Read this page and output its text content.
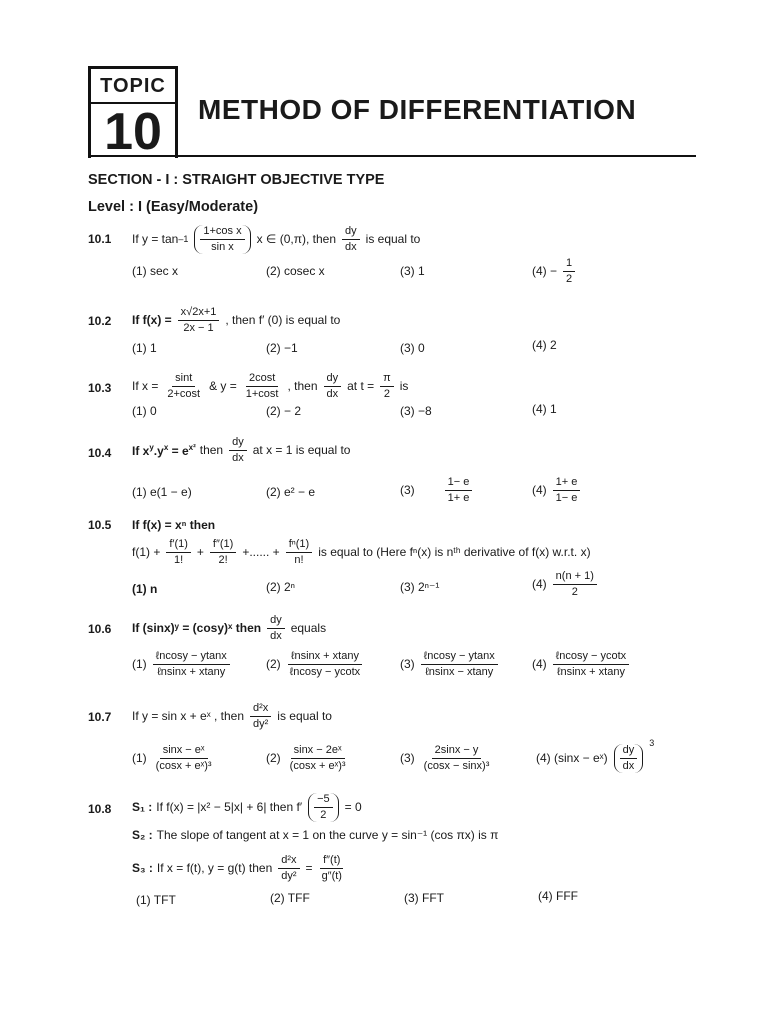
TOPIC
10	METHOD OF DIFFERENTIATION
SECTION - I : STRAIGHT OBJECTIVE TYPE
Level : I (Easy/Moderate)
10.1 If $y = \tan -1 \frac{\text{1+cos x}}{\text{sin x}}$ x ∈ (0,π), then $\frac{dy}{dx}$ is equal to
(1) sec x	(2) cosec x	(3) 1	$(4) - \frac{1}{2}$
10.2 If $f(x) = \frac{x√2x+1}{2x - 1}$ , then f′ (0) is equal to
(1) 1	(2) −1	(3) 0	(4) 2
10.3 If $x = \frac{\sin t}{2+\cos t}$ & $y = \frac{2\cos t}{1+\cos t}$ , then $\frac{dy}{dx}$ at $t = \frac{\pi}{2}$ is
(1) 0	(2) − 2	(3) −8	(4) 1
10.4 If $x^y.y^x = e^{x^2}$ then $\frac{dy}{dx}$ at x = 1 is equal to
(1) e(1 − e)	(2) e² − e	(3)	$\frac{1- e}{1+ e}$	$(4) \frac{1+ e}{1- e}$
10.5 If f(x) = xⁿ then
$f(1) + \frac{f'(1)}{1!} + \frac{f''(1)}{2!}$ +...... + $\frac{\text{fⁿ(1)}}{n!}$ is equal to (Here fⁿ(x) is nᵗʰ derivative of f(x) w.r.t. x)
(1) n	(2) 2ⁿ	(3) 2ⁿ⁻¹	$(4) \frac{n(n + 1)}{2}$
10.6 If (sinx)ʸ = (cosy)ˣ then $\frac{dy}{dx}$ equals
$(1) \frac{\text{ℓncosy − ytanx}}{\text{ℓnsinx + xtany}}$	$(2) \frac{\text{ℓnsinx + xtany}}{\text{ℓncosy − ycotx}}$	$(3) \frac{\text{ℓncosy − ytanx}}{\text{ℓnsinx − xtany}}$	$(4) \frac{\text{ℓncosy − ycotx}}{\text{ℓnsinx + xtany}}$
10.7 If y = sin x + eˣ , then $\frac{\text{d²x}}{\text{dy²}}$ is equal to
$(1) \frac{\text{sinx − eˣ}}{\text{(cosx + eˣ)³}}$	$(2) \frac{\text{sinx − 2eˣ}}{\text{(cosx + eˣ)³}}$	$(3) \frac{2\sin x - y}{\text{(cosx − sinx)³}}$	(4) (sinx − eˣ) $\frac{dy}{dx}$
$^3$
10.8 S₁ : If f(x) = |x² − 5|x| + 6| then $f' \frac{-5}{2} = 0$
S₂ : The slope of tangent at x = 1 on the curve y = sin⁻¹ (cos πx) is π
S₃ : If x = f(t), y = g(t) then $\frac{\text{d²x}}{\text{dy²}} = \frac{f''(t)}{g''(t)}$
(1) TFT	(2) TFF	(3) FFT	(4) FFF
